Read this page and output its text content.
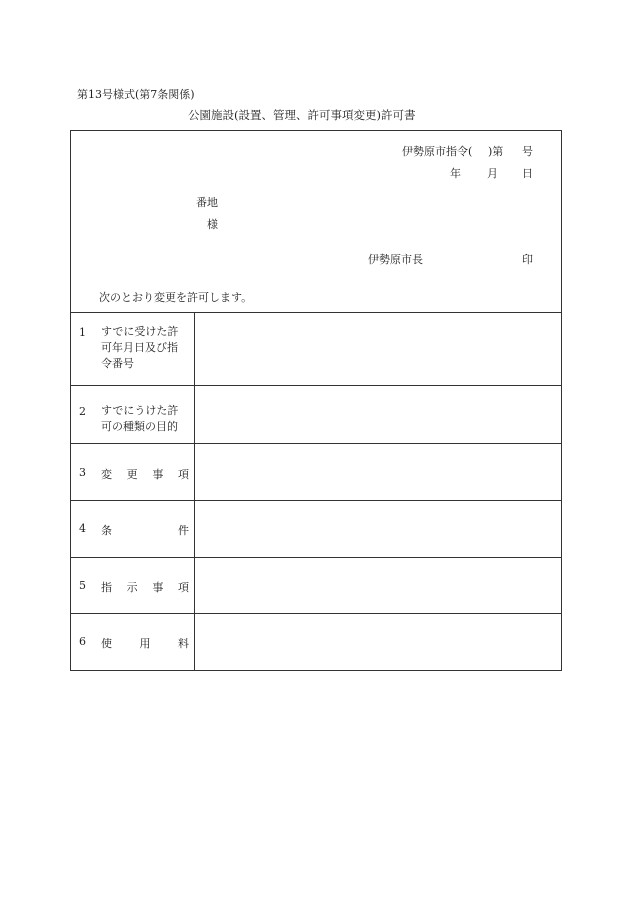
第13号様式(第7条関係)
公園施設(設置、管理、許可事項変更)許可書
伊勢原市指令( )第 号
年 月 日
番地
様
伊勢原市長	印
次のとおり変更を許可します。
1 すでに受けた許
可年月日及び指
令番号
2 すでにうけた許
可の種類の目的
3 変 更 事 項
4 条	件
5 指 示 事 項
6 使	用	料
